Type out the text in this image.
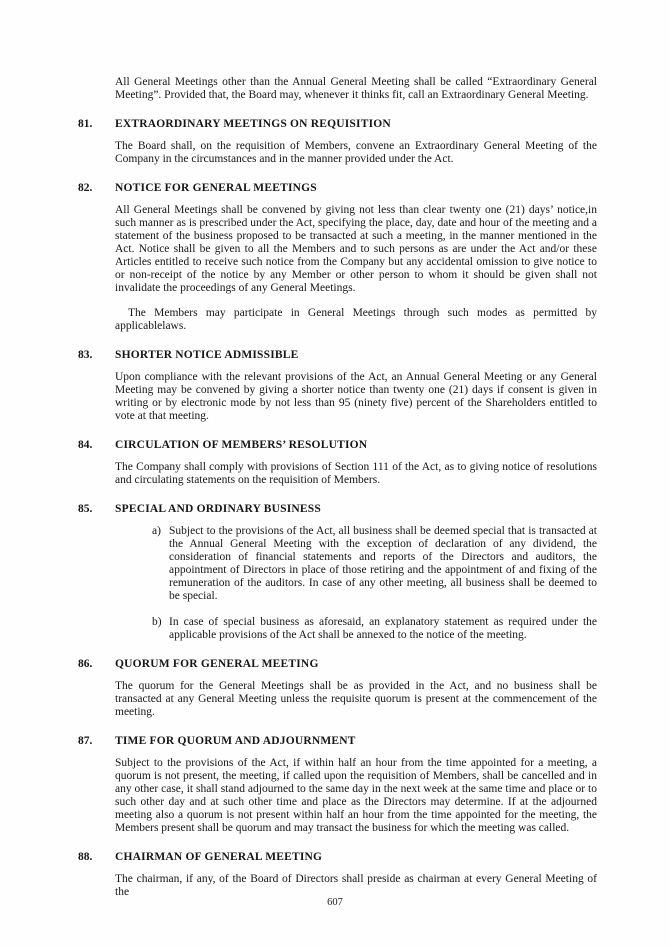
All General Meetings other than the Annual General Meeting shall be called “Extraordinary General Meeting”. Provided that, the Board may, whenever it thinks fit, call an Extraordinary General Meeting.

81.	EXTRAORDINARY MEETINGS ON REQUISITION

The Board shall, on the requisition of Members, convene an Extraordinary General Meeting of the Company in the circumstances and in the manner provided under the Act.

82.	NOTICE FOR GENERAL MEETINGS

All General Meetings shall be convened by giving not less than clear twenty one (21) days’ notice,in such manner as is prescribed under the Act, specifying the place, day, date and hour of the meeting and a statement of the business proposed to be transacted at such a meeting, in the manner mentioned in the Act. Notice shall be given to all the Members and to such persons as are under the Act and/or these Articles entitled to receive such notice from the Company but any accidental omission to give notice to or non-receipt of the notice by any Member or other person to whom it should be given shall not invalidate the proceedings of any General Meetings.

The Members may participate in General Meetings through such modes as permitted by applicablelaws.

83.	SHORTER NOTICE ADMISSIBLE

Upon compliance with the relevant provisions of the Act, an Annual General Meeting or any General Meeting may be convened by giving a shorter notice than twenty one (21) days if consent is given in writing or by electronic mode by not less than 95 (ninety five) percent of the Shareholders entitled to vote at that meeting.

84.	CIRCULATION OF MEMBERS’ RESOLUTION

The Company shall comply with provisions of Section 111 of the Act, as to giving notice of resolutions and circulating statements on the requisition of Members.

85.	SPECIAL AND ORDINARY BUSINESS
a) Subject to the provisions of the Act, all business shall be deemed special that is transacted at the Annual General Meeting with the exception of declaration of any dividend, the consideration of financial statements and reports of the Directors and auditors, the appointment of Directors in place of those retiring and the appointment of and fixing of the remuneration of the auditors. In case of any other meeting, all business shall be deemed to be special.
b) In case of special business as aforesaid, an explanatory statement as required under the applicable provisions of the Act shall be annexed to the notice of the meeting.
86.	QUORUM FOR GENERAL MEETING

The quorum for the General Meetings shall be as provided in the Act, and no business shall be transacted at any General Meeting unless the requisite quorum is present at the commencement of the meeting.

87.	TIME FOR QUORUM AND ADJOURNMENT

Subject to the provisions of the Act, if within half an hour from the time appointed for a meeting, a quorum is not present, the meeting, if called upon the requisition of Members, shall be cancelled and in any other case, it shall stand adjourned to the same day in the next week at the same time and place or to such other day and at such other time and place as the Directors may determine. If at the adjourned meeting also a quorum is not present within half an hour from the time appointed for the meeting, the Members present shall be quorum and may transact the business for which the meeting was called.

88.	CHAIRMAN OF GENERAL MEETING

The chairman, if any, of the Board of Directors shall preside as chairman at every General Meeting of the

607
